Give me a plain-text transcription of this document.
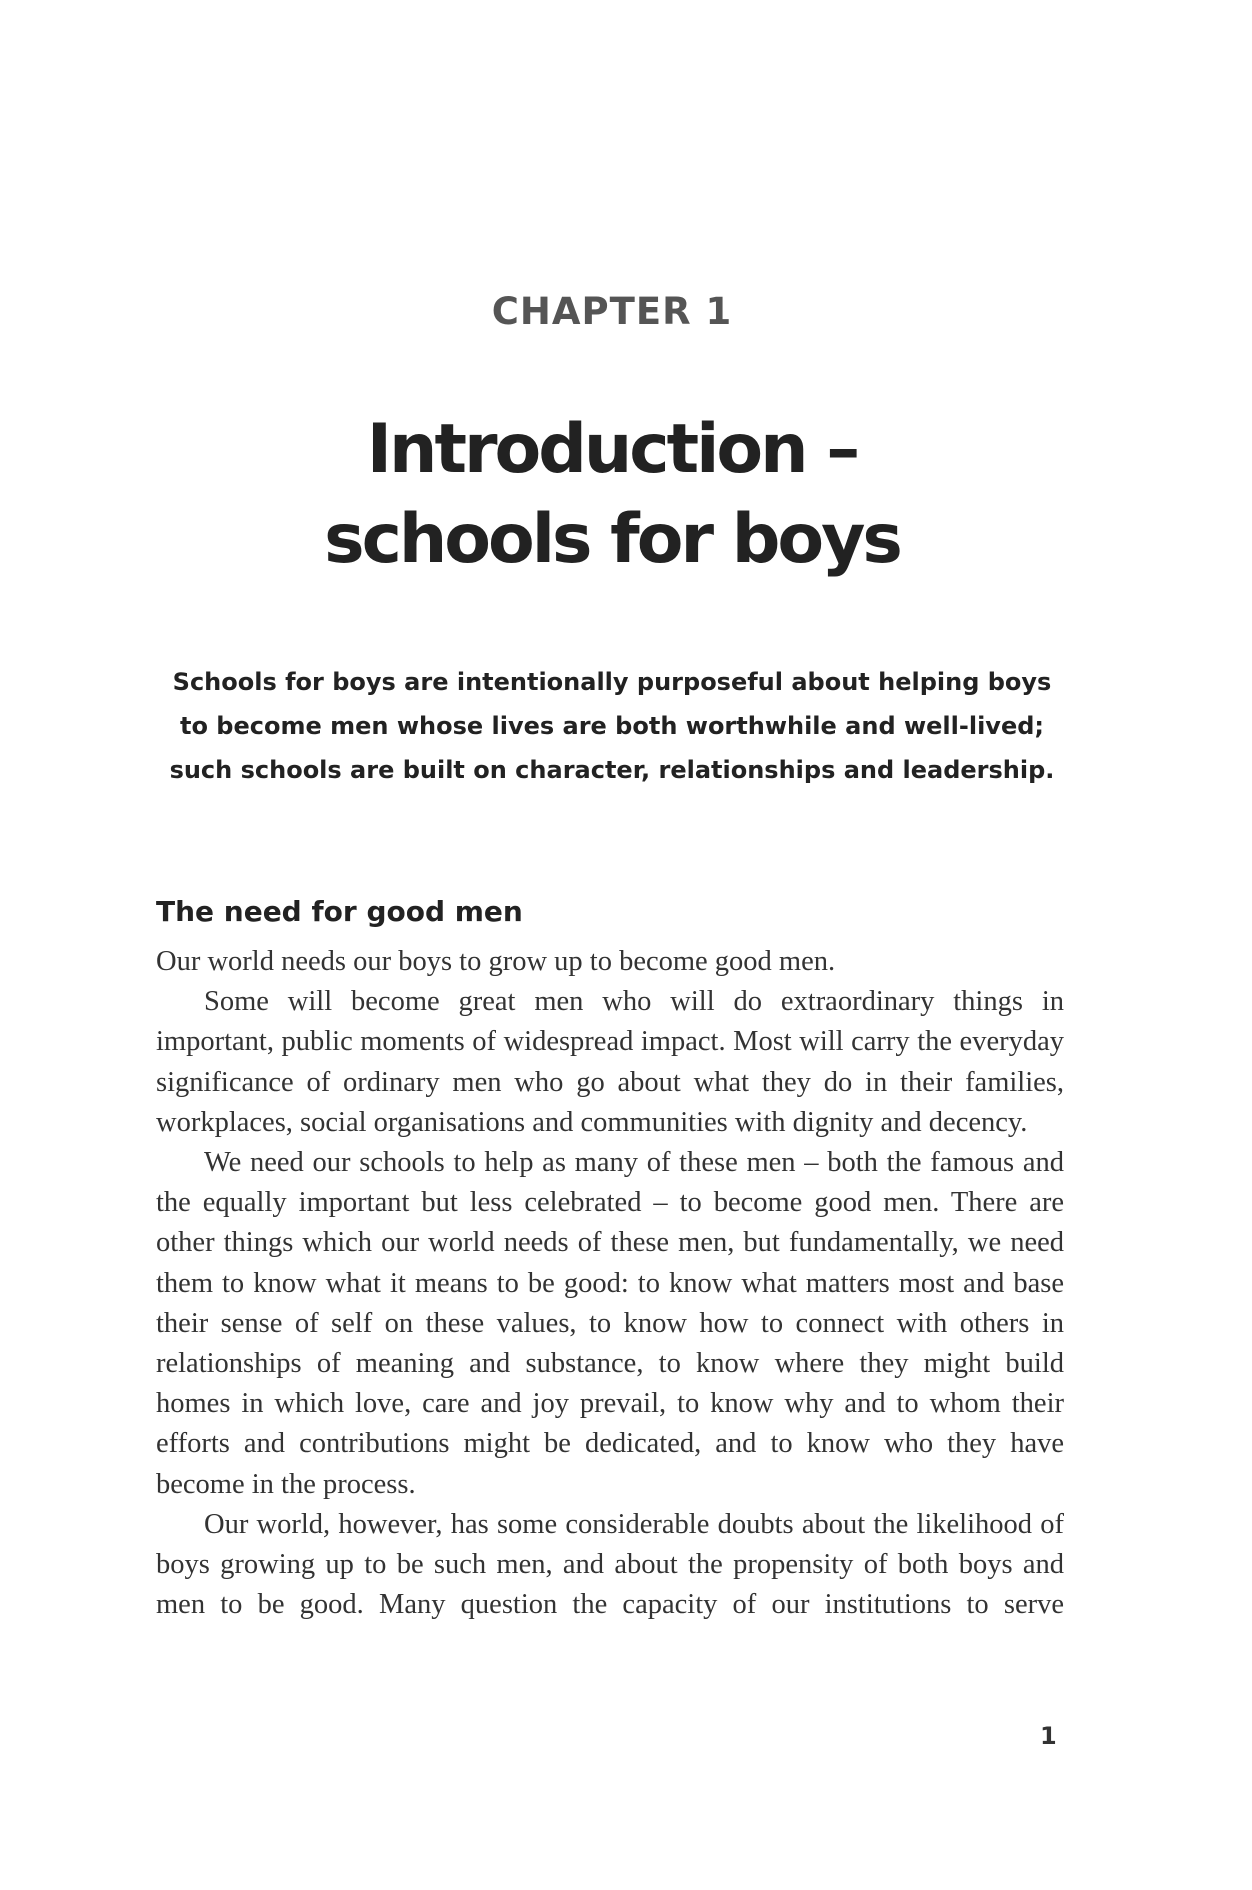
CHAPTER 1
Introduction –
schools for boys
Schools for boys are intentionally purposeful about helping boys
to become men whose lives are both worthwhile and well-lived;
such schools are built on character, relationships and leadership.
The need for good men

Our world needs our boys to grow up to become good men.

Some will become great men who will do extraordinary things in important, public moments of widespread impact. Most will carry the everyday significance of ordinary men who go about what they do in their families, workplaces, social organisations and communities with dignity and decency.

We need our schools to help as many of these men – both the famous and the equally important but less celebrated – to become good men. There are other things which our world needs of these men, but fundamentally, we need them to know what it means to be good: to know what matters most and base their sense of self on these values, to know how to connect with others in relationships of meaning and substance, to know where they might build homes in which love, care and joy prevail, to know why and to whom their efforts and contributions might be dedicated, and to know who they have become in the process.

Our world, however, has some considerable doubts about the likelihood of boys growing up to be such men, and about the propensity of both boys and men to be good. Many question the capacity of our institutions to serve

1
